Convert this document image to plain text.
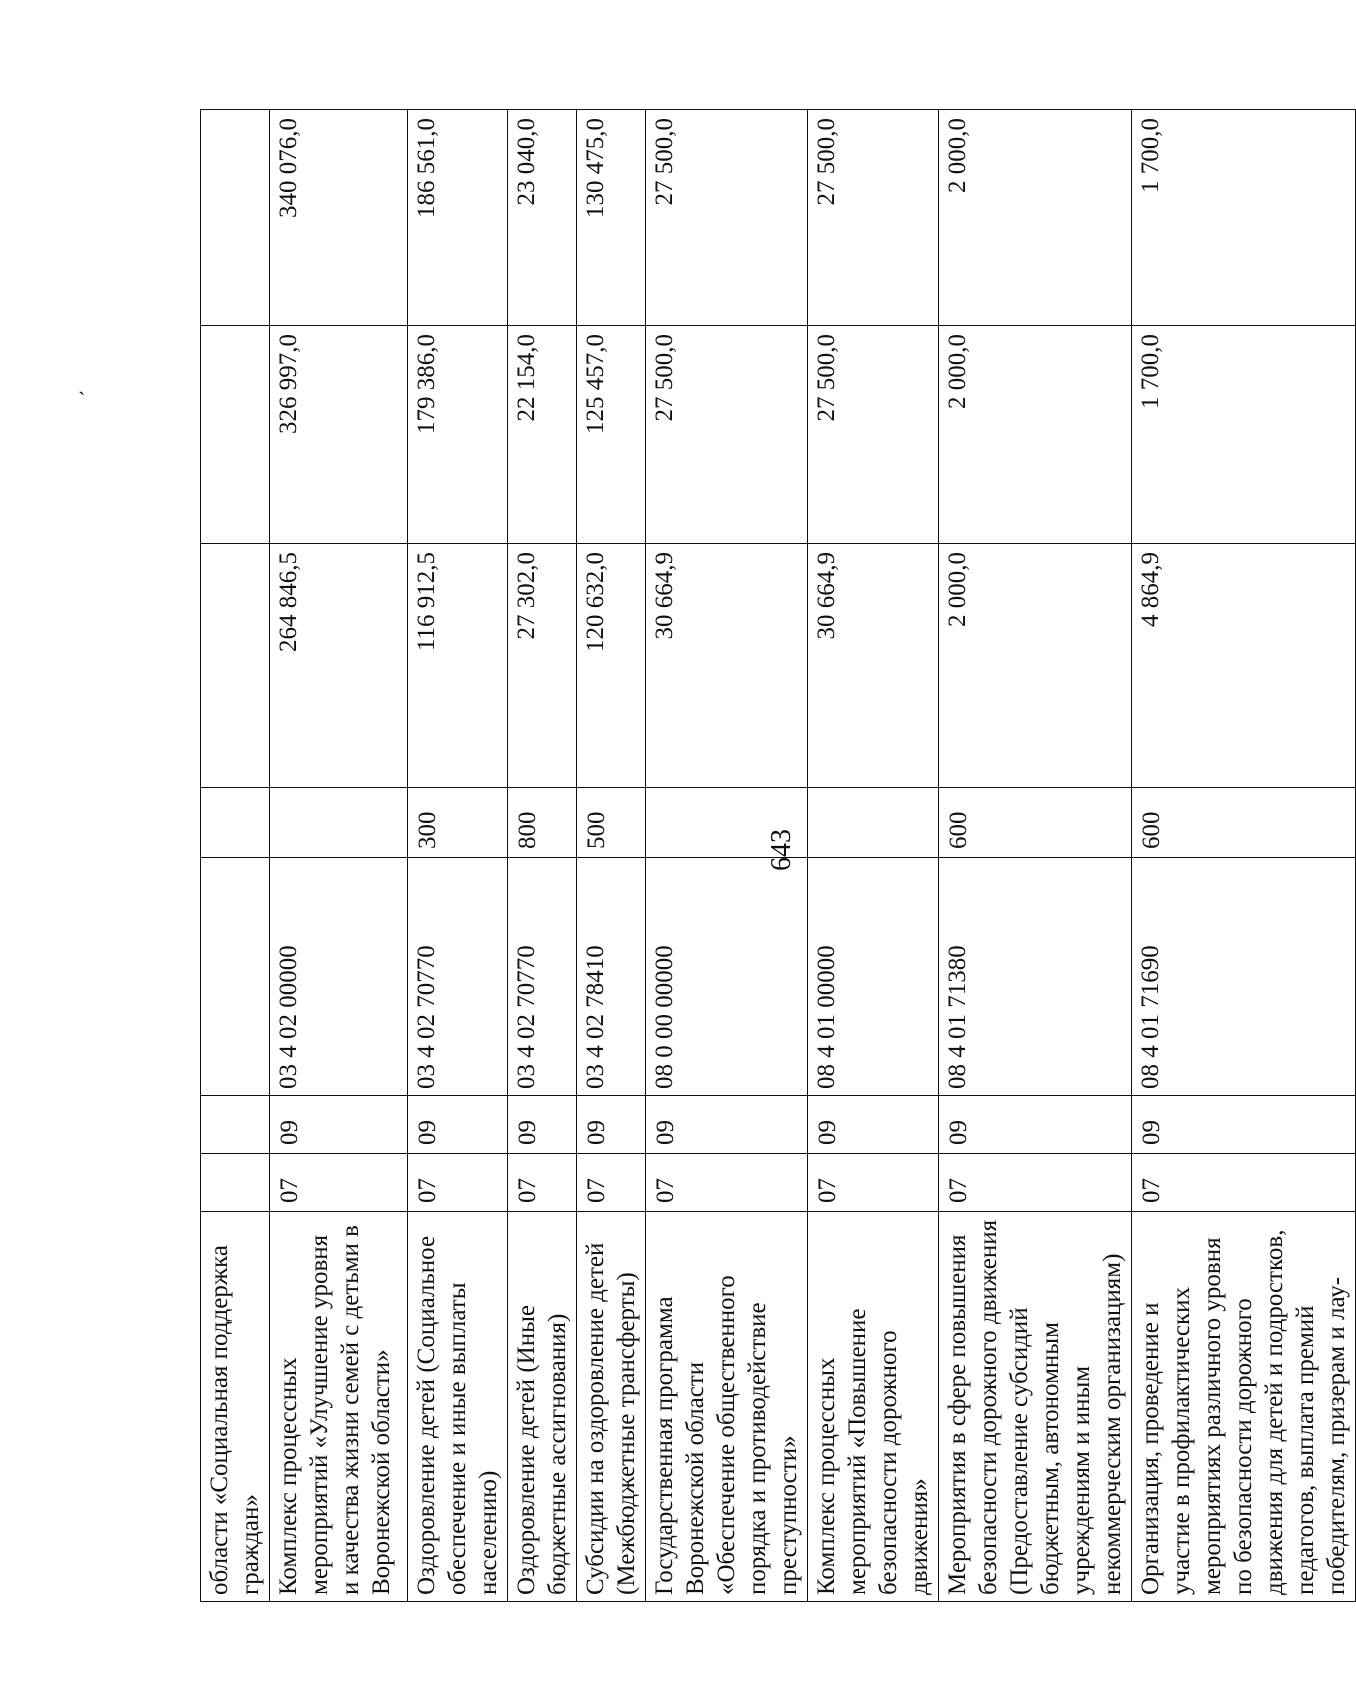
643
ˏ
области «Социальная поддержка граждан»							
Комплекс процессных мероприятий «Улучшение уровня и качества жизни семей с детьми в Воронежской области»	07	09	03 4 02 00000		264 846,5	326 997,0	340 076,0
Оздоровление детей (Социальное обеспечение и иные выплаты населению)	07	09	03 4 02 70770	300	116 912,5	179 386,0	186 561,0
Оздоровление детей (Иные бюджетные ассигнования)	07	09	03 4 02 70770	800	27 302,0	22 154,0	23 040,0
Субсидии на оздоровление детей (Межбюджетные трансферты)	07	09	03 4 02 78410	500	120 632,0	125 457,0	130 475,0
Государственная программа Воронежской области «Обеспечение общественного порядка и противодействие преступности»	07	09	08 0 00 00000		30 664,9	27 500,0	27 500,0
Комплекс процессных мероприятий «Повышение безопасности дорожного движения»	07	09	08 4 01 00000		30 664,9	27 500,0	27 500,0
Мероприятия в сфере повышения безопасности дорожного движения (Предоставление субсидий бюджетным, автономным учреждениям и иным некоммерческим организациям)	07	09	08 4 01 71380	600	2 000,0	2 000,0	2 000,0
Организация, проведение и участие в профилактических мероприятиях различного уровня по безопасности дорожного движения для детей и подростков, педагогов, выплата премий победителям, призерам и лау-	07	09	08 4 01 71690	600	4 864,9	1 700,0	1 700,0
